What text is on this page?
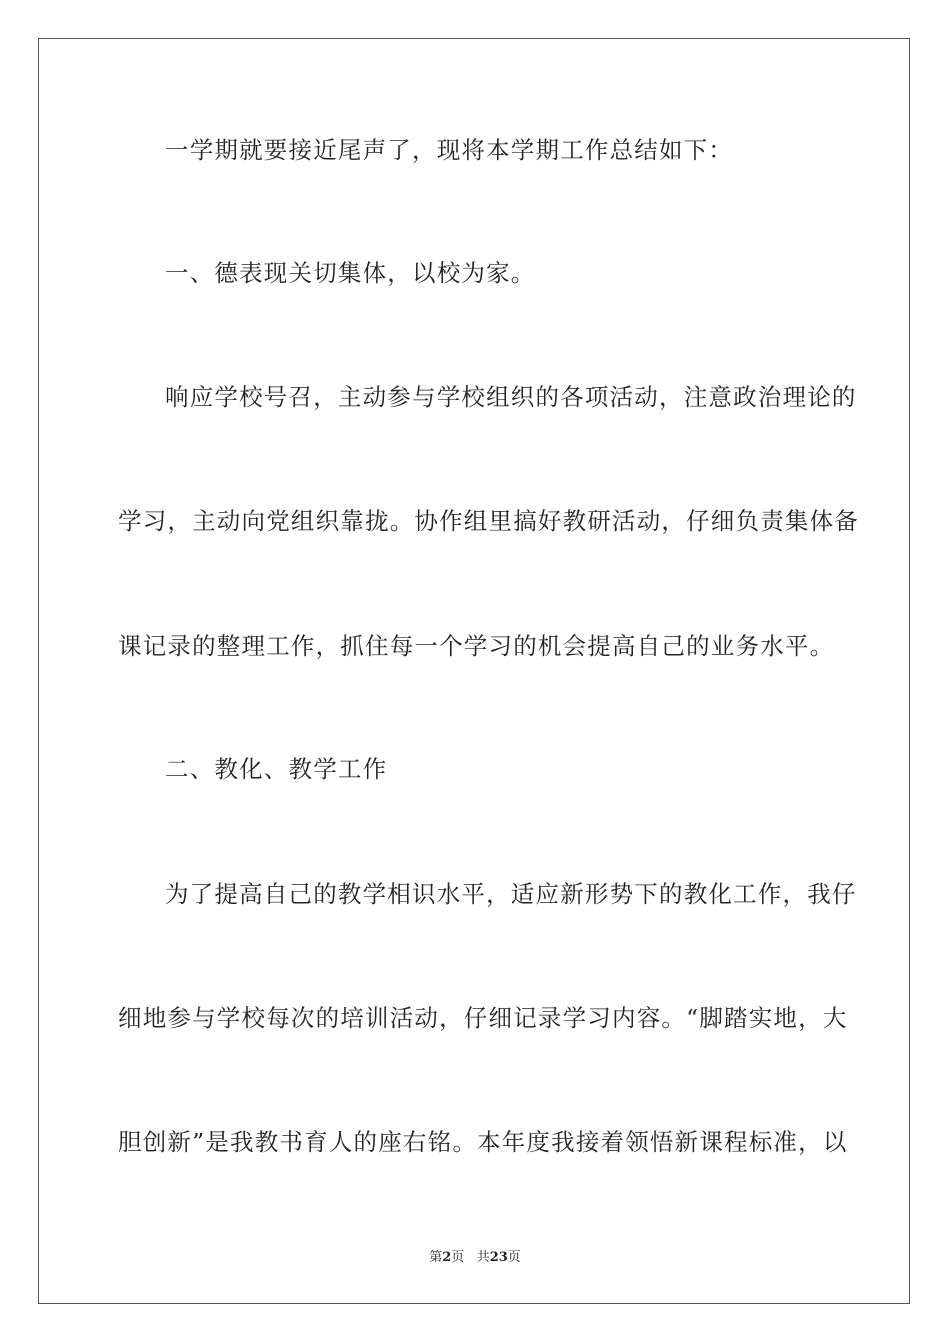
一学期就要接近尾声了，现将本学期工作总结如下：
一、德表现关切集体，以校为家。
响应学校号召，主动参与学校组织的各项活动，注意政治理论的
学习，主动向党组织靠拢。协作组里搞好教研活动，仔细负责集体备
课记录的整理工作，抓住每一个学习的机会提高自己的业务水平。
二、教化、教学工作
为了提高自己的教学相识水平，适应新形势下的教化工作，我仔
细地参与学校每次的培训活动，仔细记录学习内容。“脚踏实地，大
胆创新”是我教书育人的座右铭。本年度我接着领悟新课程标准，以
第2页 共23页
